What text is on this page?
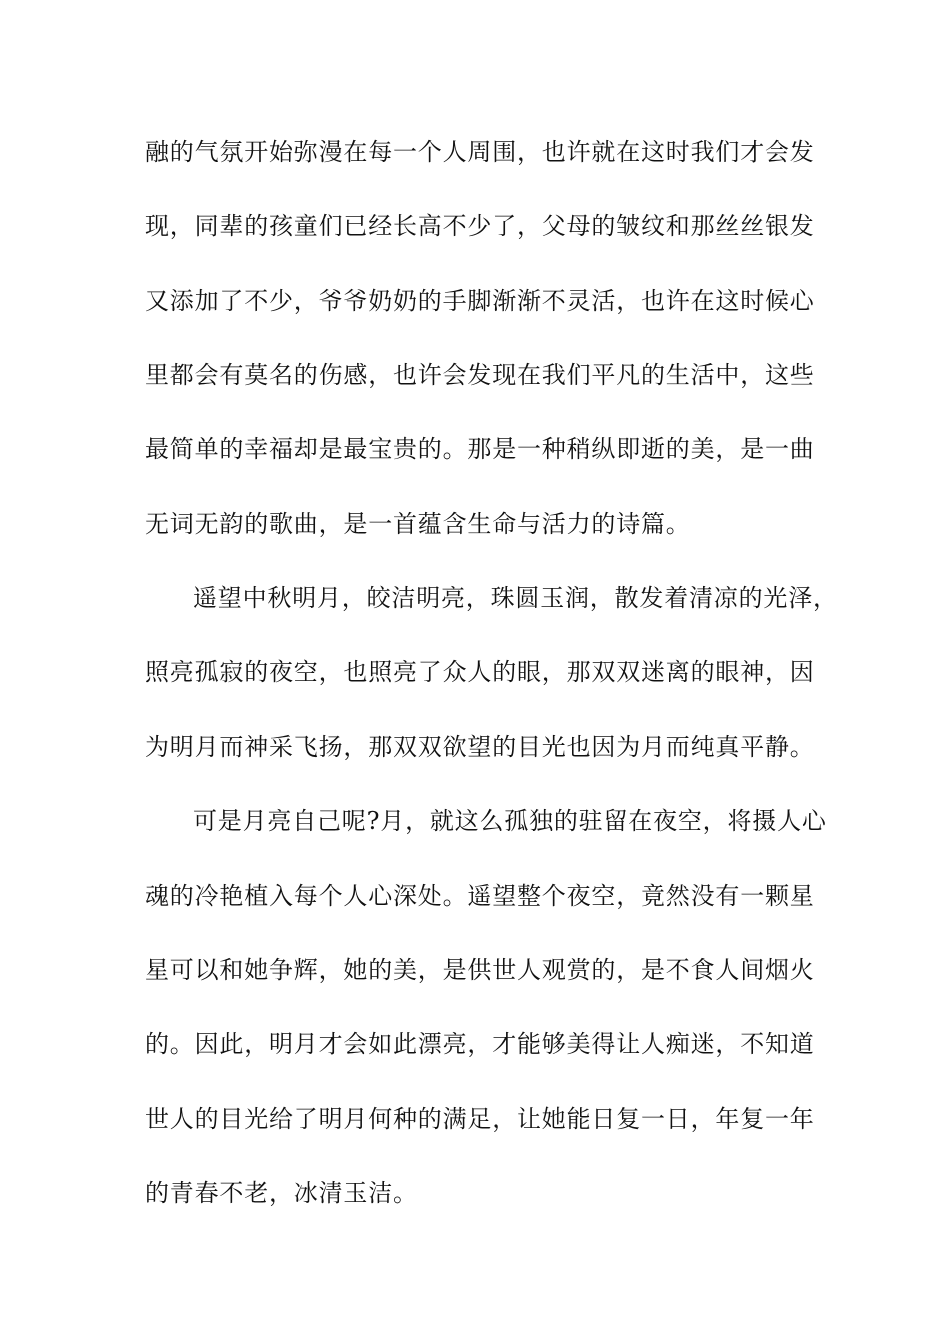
融的气氛开始弥漫在每一个人周围，也许就在这时我们才会发
现，同辈的孩童们已经长高不少了，父母的皱纹和那丝丝银发
又添加了不少，爷爷奶奶的手脚渐渐不灵活，也许在这时候心
里都会有莫名的伤感，也许会发现在我们平凡的生活中，这些
最简单的幸福却是最宝贵的。那是一种稍纵即逝的美，是一曲
无词无韵的歌曲，是一首蕴含生命与活力的诗篇。
遥望中秋明月，皎洁明亮，珠圆玉润，散发着清凉的光泽，
照亮孤寂的夜空，也照亮了众人的眼，那双双迷离的眼神，因
为明月而神采飞扬，那双双欲望的目光也因为月而纯真平静。
可是月亮自己呢?月，就这么孤独的驻留在夜空，将摄人心
魂的冷艳植入每个人心深处。遥望整个夜空，竟然没有一颗星
星可以和她争辉，她的美，是供世人观赏的，是不食人间烟火
的。因此，明月才会如此漂亮，才能够美得让人痴迷，不知道
世人的目光给了明月何种的满足，让她能日复一日，年复一年
的青春不老，冰清玉洁。
